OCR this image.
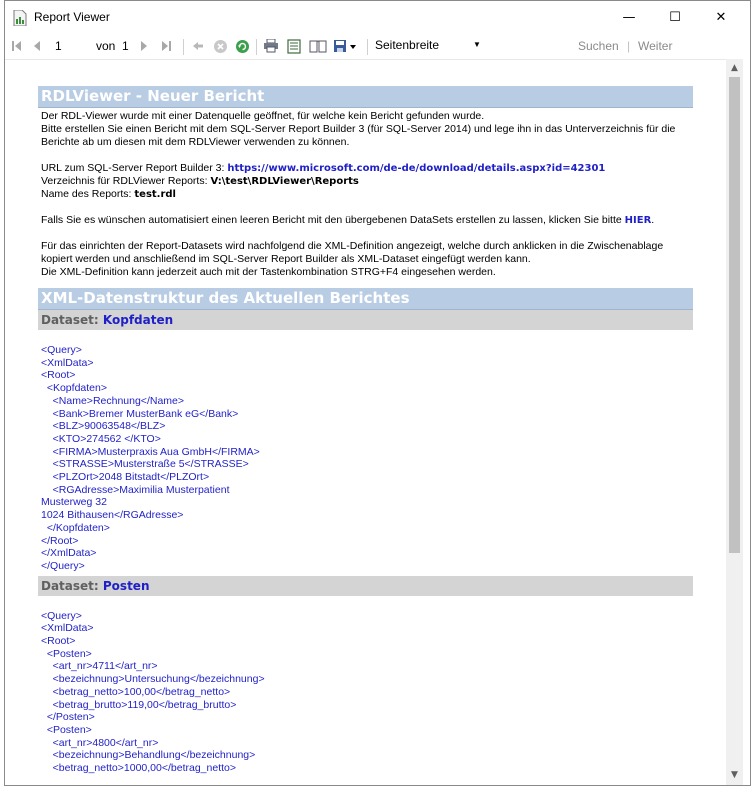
Report Viewer	—	☐	✕
1
von 1	Seitenbreite	▼	Suchen | Weiter
RDLViewer - Neuer Bericht
Der RDL-Viewer wurde mit einer Datenquelle geöffnet, für welche kein Bericht gefunden wurde.
Bitte erstellen Sie einen Bericht mit dem SQL-Server Report Builder 3 (für SQL-Server 2014) und lege ihn in das Unterverzeichnis für die Berichte ab um diesen mit dem RDLViewer verwenden zu können.
URL zum SQL-Server Report Builder 3: https://www.microsoft.com/de-de/download/details.aspx?id=42301
Verzeichnis für RDLViewer Reports: V:\test\RDLViewer\Reports
Name des Reports: test.rdl
Falls Sie es wünschen automatisiert einen leeren Bericht mit den übergebenen DataSets erstellen zu lassen, klicken Sie bitte HIER.
Für das einrichten der Report-Datasets wird nachfolgend die XML-Definition angezeigt, welche durch anklicken in die Zwischenablage kopiert werden und anschließend im SQL-Server Report Builder als XML-Dataset eingefügt werden kann.
Die XML-Definition kann jederzeit auch mit der Tastenkombination STRG+F4 eingesehen werden.
XML-Datenstruktur des Aktuellen Berichtes
Dataset: Kopfdaten
<Query>
<XmlData>
<Root>
<Kopfdaten>
<Name>Rechnung</Name>
<Bank>Bremer MusterBank eG</Bank>
<BLZ>90063548</BLZ>
<KTO>274562 </KTO>
<FIRMA>Musterpraxis Aua GmbH</FIRMA>
<STRASSE>Musterstraße 5</STRASSE>
<PLZOrt>2048 Bitstadt</PLZOrt>
<RGAdresse>Maximilia Musterpatient
Musterweg 32
1024 Bithausen</RGAdresse>
</Kopfdaten>
</Root>
</XmlData>
</Query>
Dataset: Posten
<Query>
<XmlData>
<Root>
<Posten>
<art_nr>4711</art_nr>
<bezeichnung>Untersuchung</bezeichnung>
<betrag_netto>100,00</betrag_netto>
<betrag_brutto>119,00</betrag_brutto>
</Posten>
<Posten>
<art_nr>4800</art_nr>
<bezeichnung>Behandlung</bezeichnung>
<betrag_netto>1000,00</betrag_netto>
▲
▼
